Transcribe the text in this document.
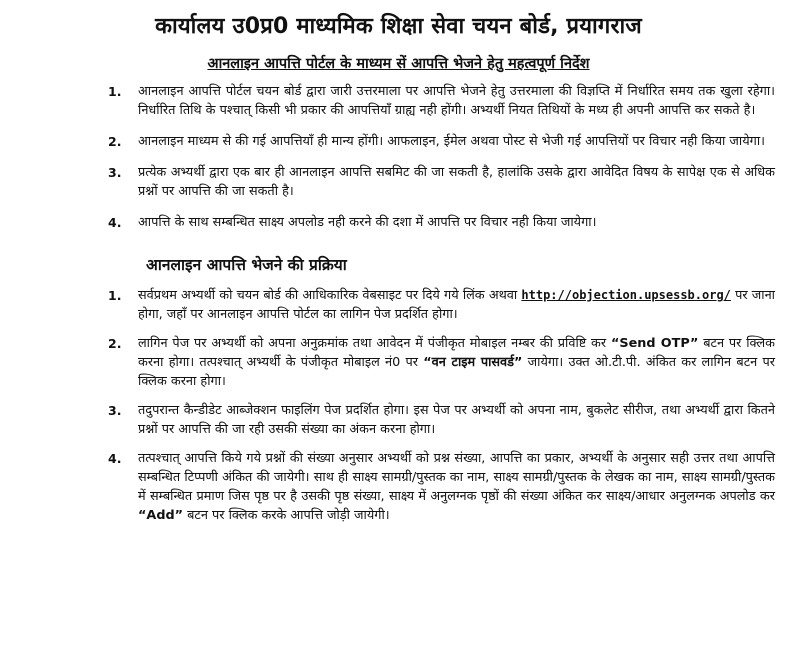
कार्यालय उ0प्र0 माध्यमिक शिक्षा सेवा चयन बोर्ड, प्रयागराज
आनलाइन आपत्ति पोर्टल के माध्यम सें आपत्ति भेजने हेतु महत्वपूर्ण निर्देश
1.	आनलाइन आपत्ति पोर्टल चयन बोर्ड द्वारा जारी उत्तरमाला पर आपत्ति भेजने हेतु उत्तरमाला की विज्ञप्ति में निर्धारित समय तक खुला रहेगा। निर्धारित तिथि के पश्चात् किसी भी प्रकार की आपत्तियाँ ग्राह्य नही होंगी। अभ्यर्थी नियत तिथियों के मध्य ही अपनी आपत्ति कर सकते है।
2.	आनलाइन माध्यम से की गई आपत्तियाँ ही मान्य होंगी। आफलाइन, ईमेल अथवा पोस्ट से भेजी गई आपत्तियों पर विचार नही किया जायेगा।
3.	प्रत्येक अभ्यर्थी द्वारा एक बार ही आनलाइन आपत्ति सबमिट की जा सकती है, हालांकि उसके द्वारा आवेदित विषय के सापेक्ष एक से अधिक प्रश्नों पर आपत्ति की जा सकती है।
4.	आपत्ति के साथ सम्बन्धित साक्ष्य अपलोड नही करने की दशा में आपत्ति पर विचार नही किया जायेगा।
आनलाइन आपत्ति भेजने की प्रक्रिया
1.	सर्वप्रथम अभ्यर्थी को चयन बोर्ड की आधिकारिक वेबसाइट पर दिये गये लिंक अथवा http://objection.upsessb.org/ पर जाना होगा, जहाँ पर आनलाइन आपत्ति पोर्टल का लागिन पेज प्रदर्शित होगा।
2.	लागिन पेज पर अभ्यर्थी को अपना अनुक्रमांक तथा आवेदन में पंजीकृत मोबाइल नम्बर की प्रविष्टि कर “Send OTP” बटन पर क्लिक करना होगा। तत्पश्चात् अभ्यर्थी के पंजीकृत मोबाइल नं0 पर “वन टाइम पासवर्ड” जायेगा। उक्त ओ.टी.पी. अंकित कर लागिन बटन पर क्लिक करना होगा।
3.	तदुपरान्त कैन्डीडेट आब्जेक्शन फाइलिंग पेज प्रदर्शित होगा। इस पेज पर अभ्यर्थी को अपना नाम, बुकलेट सीरीज, तथा अभ्यर्थी द्वारा कितने प्रश्नों पर आपत्ति की जा रही उसकी संख्या का अंकन करना होगा।
4.	तत्पश्चात् आपत्ति किये गये प्रश्नों की संख्या अनुसार अभ्यर्थी को प्रश्न संख्या, आपत्ति का प्रकार, अभ्यर्थी के अनुसार सही उत्तर तथा आपत्ति सम्बन्धित टिप्पणी अंकित की जायेगी। साथ ही साक्ष्य सामग्री/पुस्तक का नाम, साक्ष्य सामग्री/पुस्तक के लेखक का नाम, साक्ष्य सामग्री/पुस्तक में सम्बन्धित प्रमाण जिस पृष्ठ पर है उसकी पृष्ठ संख्या, साक्ष्य में अनुलग्नक पृष्ठों की संख्या अंकित कर साक्ष्य/आधार अनुलग्नक अपलोड कर “Add” बटन पर क्लिक करके आपत्ति जोड़ी जायेगी।
